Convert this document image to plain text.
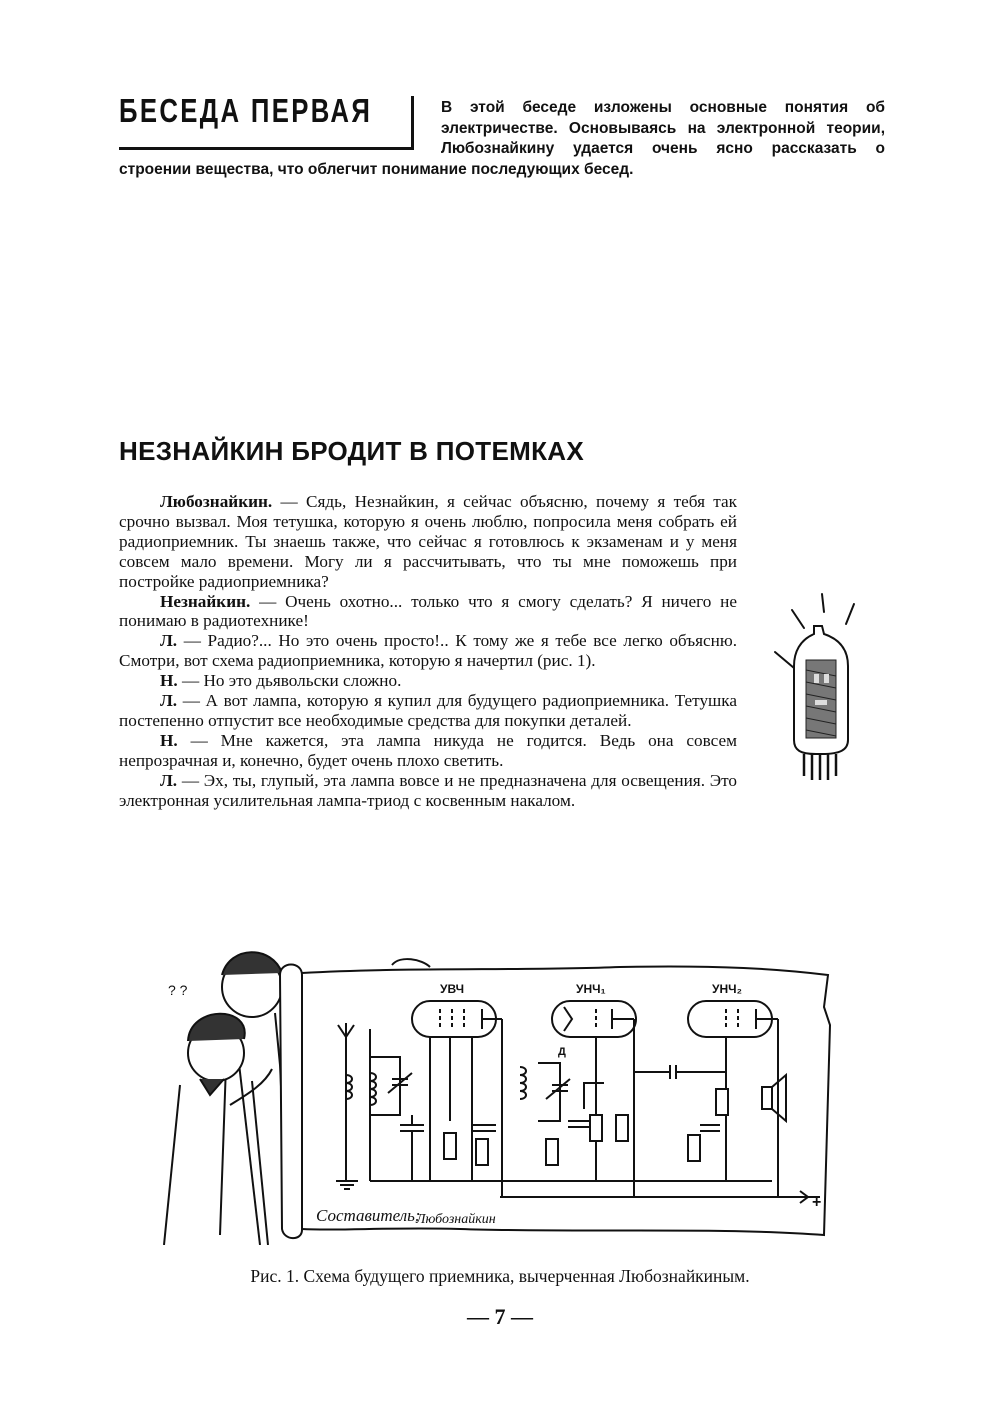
БЕСЕДА ПЕРВАЯ	В этой беседе изложены основные понятия об электричестве. Основываясь на электронной теории, Любознайкину удается очень ясно рассказать о строении вещества, что облегчит понимание последующих бесед.
НЕЗНАЙКИН БРОДИТ В ПОТЕМКАХ

Любознайкин. — Сядь, Незнайкин, я сейчас объясню, почему я тебя так срочно вызвал. Моя тетушка, которую я очень люблю, попросила меня собрать ей радиоприемник. Ты знаешь также, что сейчас я готовлюсь к экзаменам и у меня совсем мало времени. Могу ли я рассчитывать, что ты мне поможешь при постройке радиоприемника?

Незнайкин. — Очень охотно... только что я смогу сделать? Я ничего не понимаю в радиотехнике!

Л. — Радио?... Но это очень просто!.. К тому же я тебе все легко объясню. Смотри, вот схема радиоприемника, которую я начертил (рис. 1).

Н. — Но это дьявольски сложно.

Л. — А вот лампа, которую я купил для будущего радиоприемника. Тетушка постепенно отпустит все необходимые средства для покупки деталей.

Н. — Мне кажется, эта лампа никуда не годится. Ведь она совсем непрозрачная и, конечно, будет очень плохо светить.

Л. — Эх, ты, глупый, эта лампа вовсе и не предназначена для освещения. Это электронная усилительная лампа-триод с косвенным накалом.

? ?	УВЧ	УНЧ₁	УНЧ₂
Д
+
Составитель:
Любознайкин
Рис. 1. Схема будущего приемника, вычерченная Любознайкиным.
— 7 —
